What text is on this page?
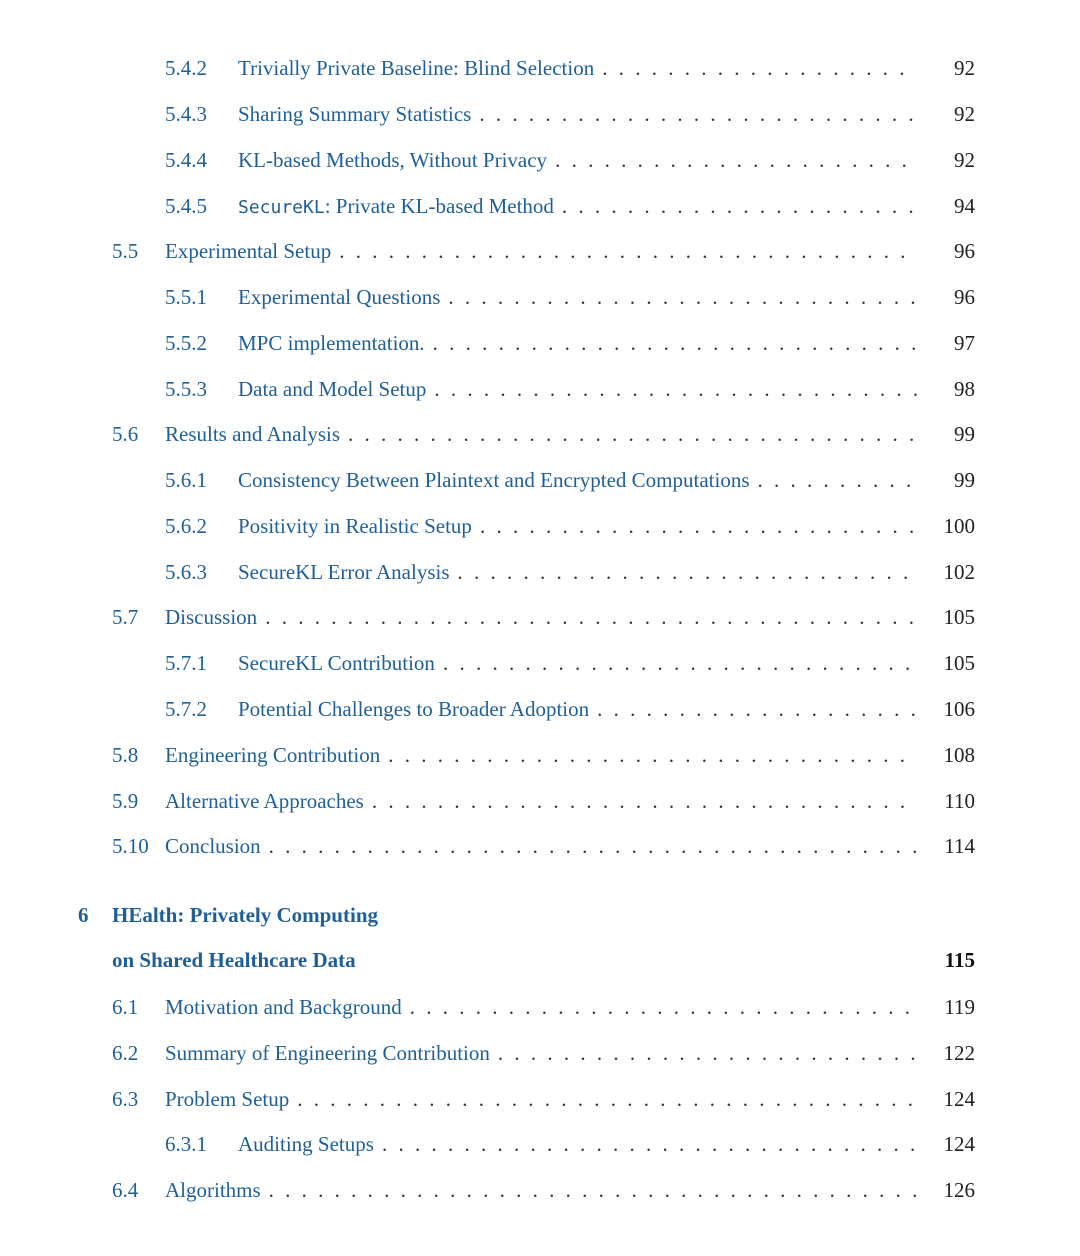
5.4.2	Trivially Private Baseline: Blind Selection . . .	92
5.4.3	Sharing Summary Statistics . . .	92
5.4.4	KL-based Methods, Without Privacy . . .	92
5.4.5	SecureKL: Private KL-based Method . . .	94
5.5	Experimental Setup . . .	96
5.5.1	Experimental Questions . . .	96
5.5.2	MPC implementation. . . .	97
5.5.3	Data and Model Setup . . .	98
5.6	Results and Analysis . . .	99
5.6.1	Consistency Between Plaintext and Encrypted Computations . . .	99
5.6.2	Positivity in Realistic Setup . . .	100
5.6.3	SecureKL Error Analysis . . .	102
5.7	Discussion . . .	105
5.7.1	SecureKL Contribution . . .	105
5.7.2	Potential Challenges to Broader Adoption . . .	106
5.8	Engineering Contribution . . .	108
5.9	Alternative Approaches . . .	110
5.10 Conclusion . . .	114
6 HEalth: Privately Computing
on Shared Healthcare Data	115
6.1	Motivation and Background . . .	119
6.2	Summary of Engineering Contribution . . .	122
6.3	Problem Setup . . .	124
6.3.1	Auditing Setups . . .	124
6.4	Algorithms . . .	126
